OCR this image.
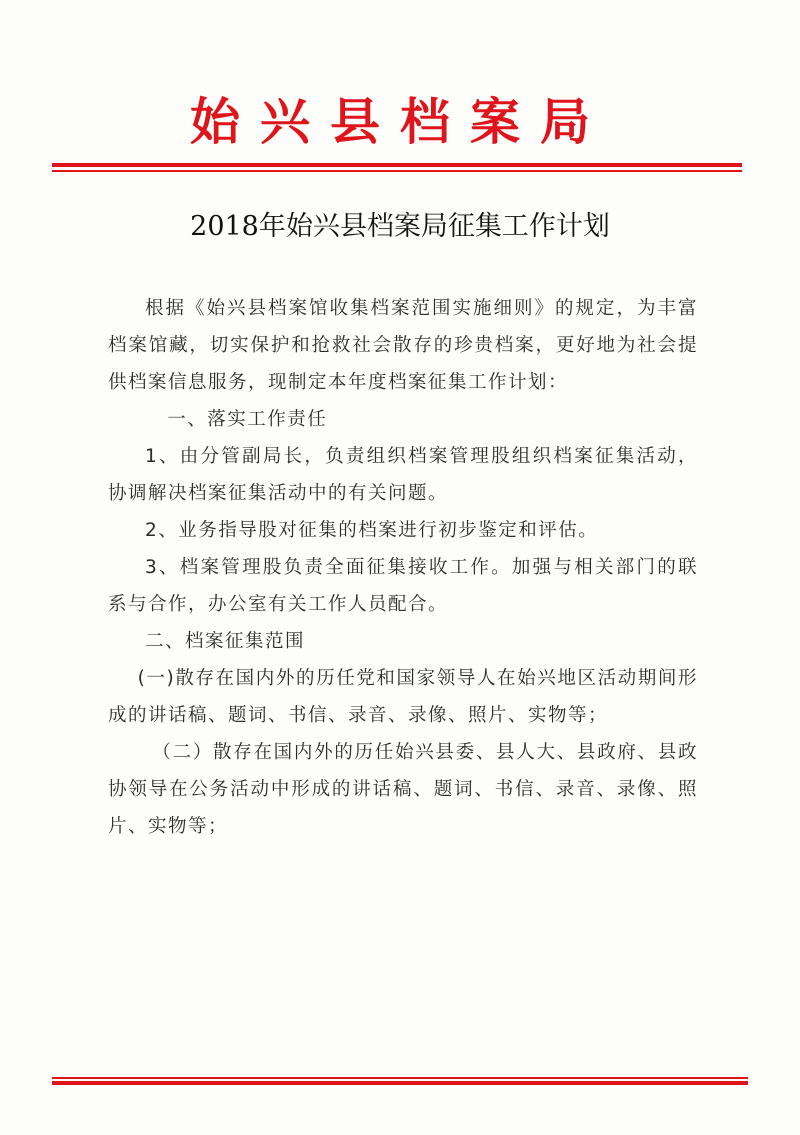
始兴县档案局
2018年始兴县档案局征集工作计划

根据《始兴县档案馆收集档案范围实施细则》的规定，为丰富档案馆藏，切实保护和抢救社会散存的珍贵档案，更好地为社会提供档案信息服务，现制定本年度档案征集工作计划：

一、落实工作责任

1、由分管副局长，负责组织档案管理股组织档案征集活动，协调解决档案征集活动中的有关问题。

2、业务指导股对征集的档案进行初步鉴定和评估。

3、档案管理股负责全面征集接收工作。加强与相关部门的联系与合作，办公室有关工作人员配合。

二、档案征集范围

(一)散存在国内外的历任党和国家领导人在始兴地区活动期间形成的讲话稿、题词、书信、录音、录像、照片、实物等；

（二）散存在国内外的历任始兴县委、县人大、县政府、县政协领导在公务活动中形成的讲话稿、题词、书信、录音、录像、照片、实物等；
